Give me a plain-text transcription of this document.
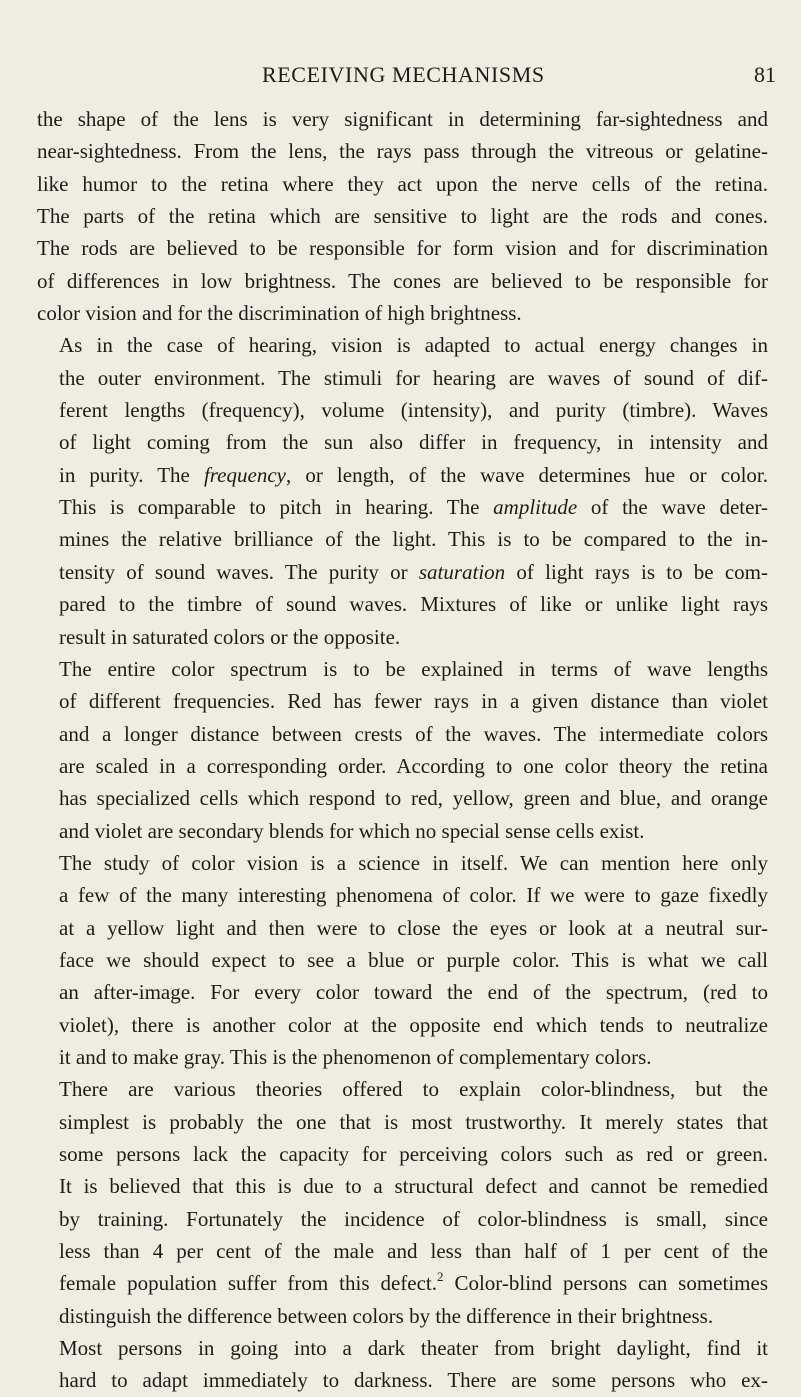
RECEIVING MECHANISMS	81
the shape of the lens is very significant in determining far-sightedness and
near-sightedness. From the lens, the rays pass through the vitreous or gelatine-
like humor to the retina where they act upon the nerve cells of the retina.
The parts of the retina which are sensitive to light are the rods and cones.
The rods are believed to be responsible for form vision and for discrimination
of differences in low brightness. The cones are believed to be responsible for
color vision and for the discrimination of high brightness.
As in the case of hearing, vision is adapted to actual energy changes in
the outer environment. The stimuli for hearing are waves of sound of dif-
ferent lengths (frequency), volume (intensity), and purity (timbre). Waves
of light coming from the sun also differ in frequency, in intensity and
in purity. The frequency, or length, of the wave determines hue or color.
This is comparable to pitch in hearing. The amplitude of the wave deter-
mines the relative brilliance of the light. This is to be compared to the in-
tensity of sound waves. The purity or saturation of light rays is to be com-
pared to the timbre of sound waves. Mixtures of like or unlike light rays
result in saturated colors or the opposite.
The entire color spectrum is to be explained in terms of wave lengths
of different frequencies. Red has fewer rays in a given distance than violet
and a longer distance between crests of the waves. The intermediate colors
are scaled in a corresponding order. According to one color theory the retina
has specialized cells which respond to red, yellow, green and blue, and orange
and violet are secondary blends for which no special sense cells exist.
The study of color vision is a science in itself. We can mention here only
a few of the many interesting phenomena of color. If we were to gaze fixedly
at a yellow light and then were to close the eyes or look at a neutral sur-
face we should expect to see a blue or purple color. This is what we call
an after-image. For every color toward the end of the spectrum, (red to
violet), there is another color at the opposite end which tends to neutralize
it and to make gray. This is the phenomenon of complementary colors.
There are various theories offered to explain color-blindness, but the
simplest is probably the one that is most trustworthy. It merely states that
some persons lack the capacity for perceiving colors such as red or green.
It is believed that this is due to a structural defect and cannot be remedied
by training. Fortunately the incidence of color-blindness is small, since
less than 4 per cent of the male and less than half of 1 per cent of the
female population suffer from this defect.$^2$ Color-blind persons can sometimes
distinguish the difference between colors by the difference in their brightness.
Most persons in going into a dark theater from bright daylight, find it
hard to adapt immediately to darkness. There are some persons who ex-
